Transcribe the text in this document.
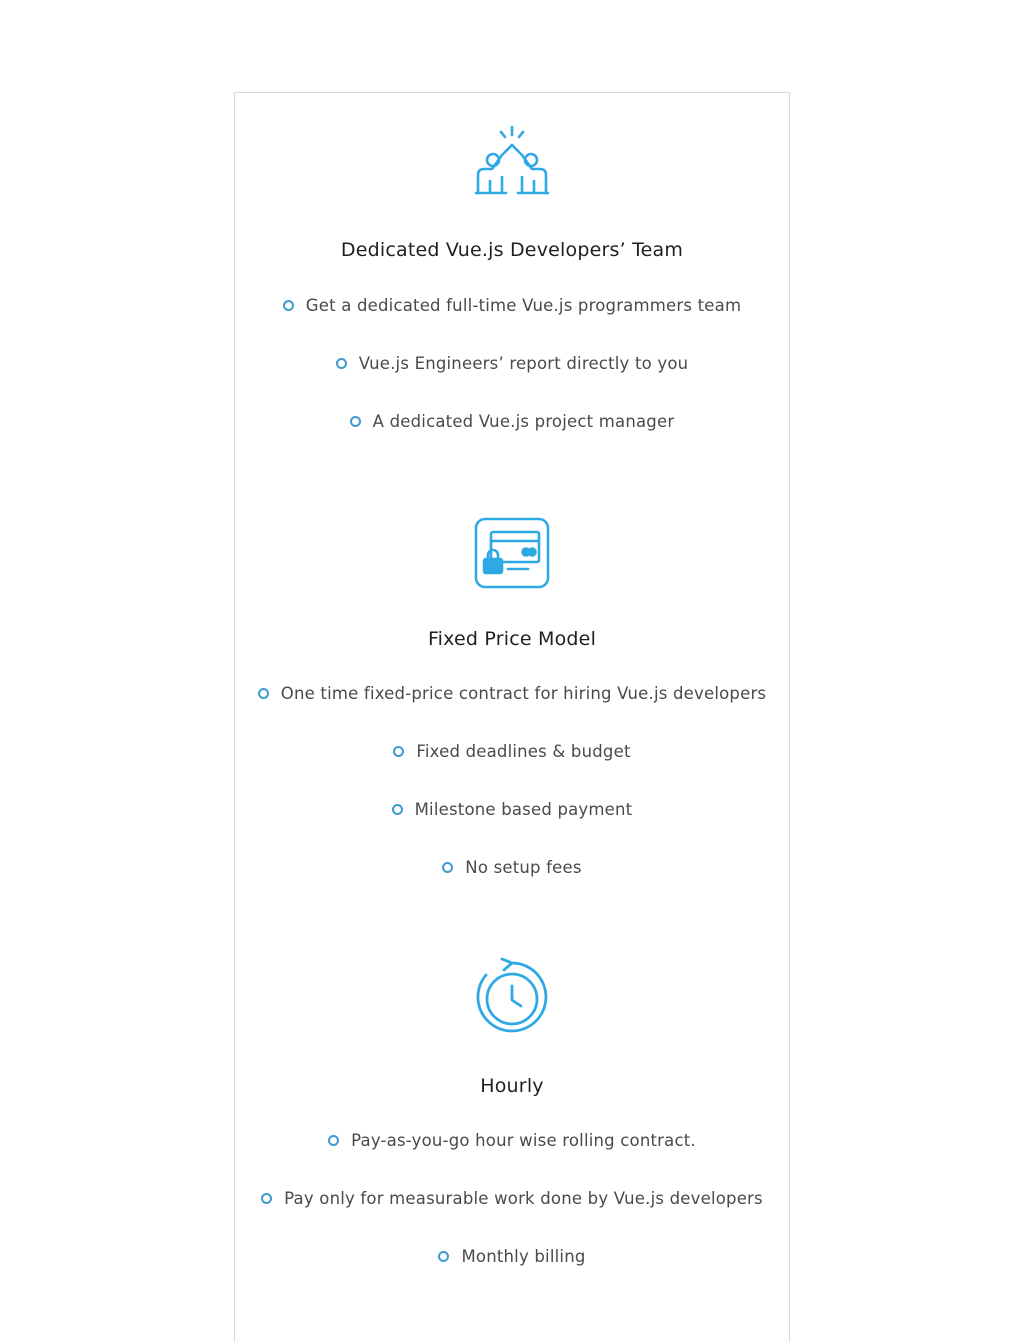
Dedicated Vue.js Developers’ Team
Get a dedicated full-time Vue.js programmers team
Vue.js Engineers’ report directly to you
A dedicated Vue.js project manager
Fixed Price Model
One time fixed-price contract for hiring Vue.js developers
Fixed deadlines & budget
Milestone based payment
No setup fees
Hourly
Pay-as-you-go hour wise rolling contract.
Pay only for measurable work done by Vue.js developers
Monthly billing
